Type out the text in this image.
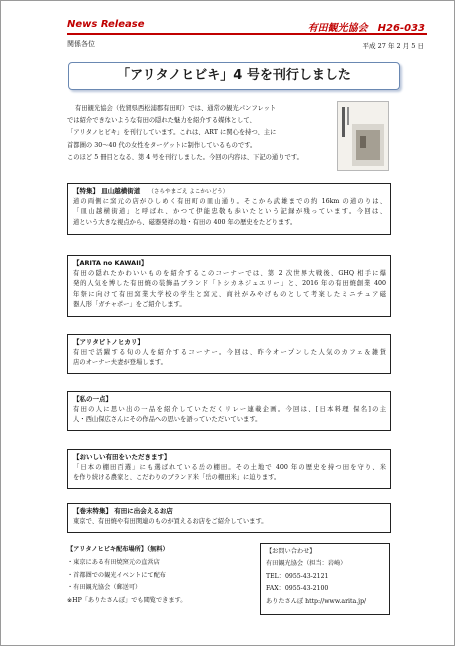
News Release	有田観光協会　H26-033
関係各位	平成 27 年 2 月 5 日
「アリタノヒビキ」4 号を刊行しました
有田観光協会（佐賀県西松浦郡有田町）では、通常の観光パンフレット
では紹介できないような有田の隠れた魅力を紹介する媒体として、
「アリタノヒビキ」を刊行しています。これは、ART に関心を持つ、主に
首都圏の 30～40 代の女性をターゲットに制作しているものです。
このほど 5 冊目となる、第 4 号を刊行しました。今回の内容は、下記の通りです。
【特集】 皿山越横街道 （さらやまごえ よこかいどう）
道の両側に窯元の店がひしめく有田町の皿山通り。そこから武雄までの約 16km の道のりは、
「皿山越横街道」と呼ばれ、かつて伊能忠敬も歩いたという記録が残っています。今回は、
道という大きな視点から、磁器発祥の地・有田の 400 年の歴史をたどります。
【ARITA no KAWAII】
有田の隠れたかわいいものを紹介するこのコーナーでは、第 2 次世界大戦後、GHQ 相手に爆
発的人気を博した有田焼の装飾品ブランド「トシカネジュエリー」と、2016 年の有田焼創業 400
年祭に向けて有田窯業大学校の学生と窯元、商社がみやげものとして考案したミニチュア磁
器人形「ガチャポー」をご紹介します。
【アリタビトノヒカリ】
有田で活躍する旬の人を紹介するコーナー。今回は、昨今オープンした人気のカフェ＆雑貨
店のオーナー夫妻が登場します。
【私の一点】
有田の人に思い出の一品を紹介していただくリレー連載企画。今回は、[日本料理 保名]の主
人・西山保広さんにその作品への思いを語っていただいています。
【おいしい有田をいただきます】
「日本の棚田百選」にも選ばれている岳の棚田。その土地で 400 年の歴史を持つ田を守り、米
を作り続ける農家と、こだわりのブランド米「岳の棚田米」に迫ります。
【巻末特集】 有田に出会えるお店
東京で、有田焼や有田関連のものが買えるお店をご紹介しています。
【アリタノヒビキ配布場所】（無料）
・東京にある有田焼窯元の直営店
・首都圏での観光イベントにて配布
・有田観光協会（郵送可）
※HP「ありたさんぽ」でも閲覧できます。
【お問い合わせ】
有田観光協会（担当：岩崎）
TEL：0955-43-2121
FAX：0955-43-2100
ありたさんぽ http://www.arita.jp/
